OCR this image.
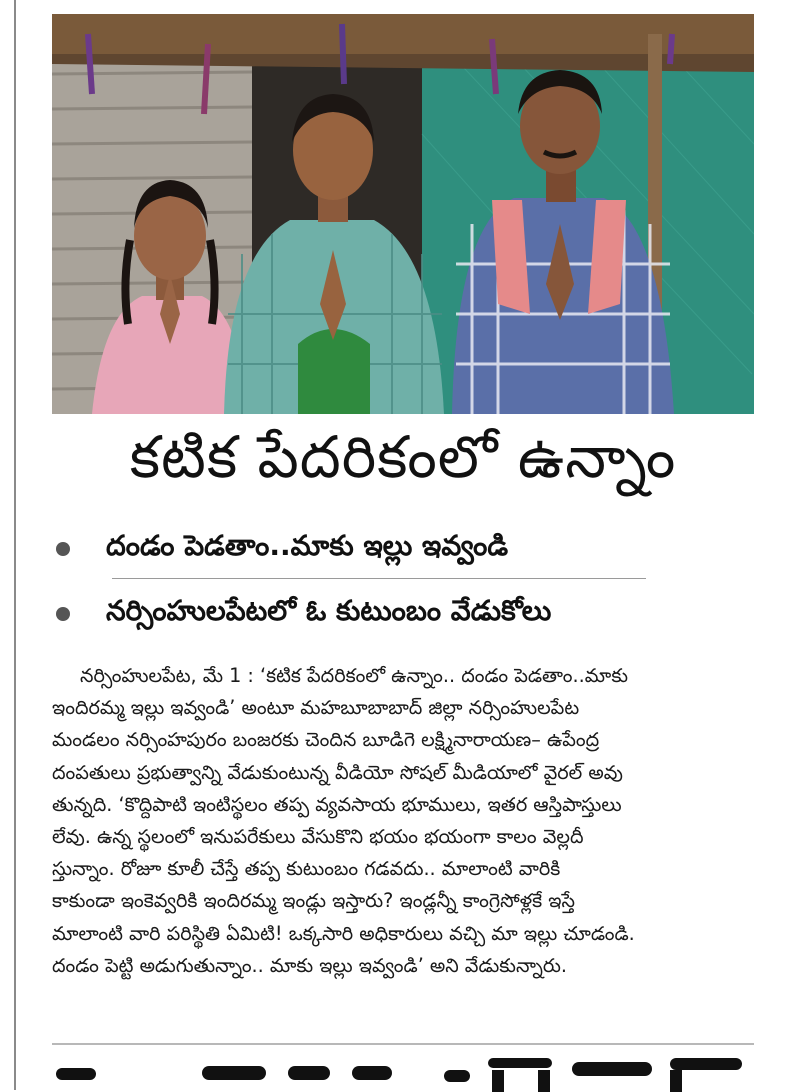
కటిక పేదరికంలో ఉన్నాం
దండం పెడతాం..మాకు ఇల్లు ఇవ్వండి
నర్సింహులపేటలో ఓ కుటుంబం వేడుకోలు
నర్సింహులపేట, మే 1 : ‘కటిక పేదరికంలో ఉన్నాం.. దండం పెడతాం..మాకు
ఇందిరమ్మ ఇల్లు ఇవ్వండి’ అంటూ మహబూబాబాద్ జిల్లా నర్సింహులపేట
మండలం నర్సింహపురం బంజరకు చెందిన బూడిగె లక్ష్మినారాయణ– ఉపేంద్ర
దంపతులు ప్రభుత్వాన్ని వేడుకుంటున్న వీడియో సోషల్ మీడియాలో వైరల్ అవు
తున్నది. ‘కొద్దిపాటి ఇంటిస్థలం తప్ప వ్యవసాయ భూములు, ఇతర ఆస్తిపాస్తులు
లేవు. ఉన్న స్థలంలో ఇనుపరేకులు వేసుకొని భయం భయంగా కాలం వెల్లదీ
స్తున్నాం. రోజూ కూలీ చేస్తే తప్ప కుటుంబం గడవదు.. మాలాంటి వారికి
కాకుండా ఇంకెవ్వరికి ఇందిరమ్మ ఇండ్లు ఇస్తారు? ఇండ్లన్నీ కాంగ్రెసోళ్లకే ఇస్తే
మాలాంటి వారి పరిస్థితి ఏమిటి! ఒక్కసారి అధికారులు వచ్చి మా ఇల్లు చూడండి.
దండం పెట్టి అడుగుతున్నాం.. మాకు ఇల్లు ఇవ్వండి’ అని వేడుకున్నారు.
